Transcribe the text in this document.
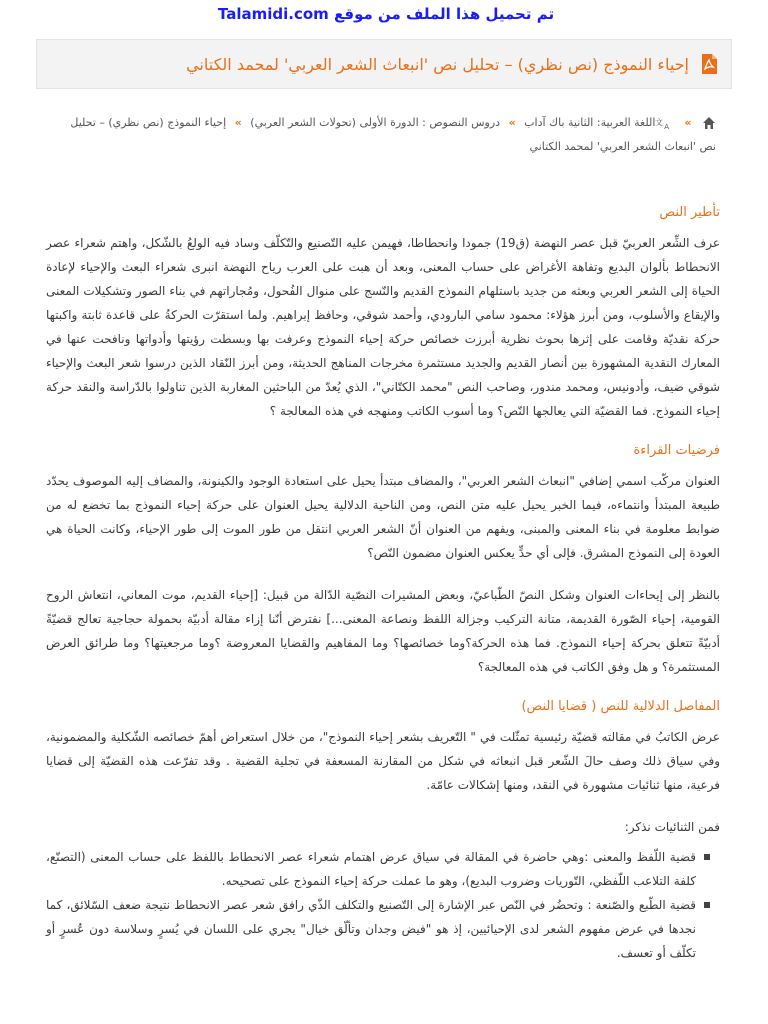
تم تحميل هذا الملف من موقع Talamidi.com
إحياء النموذج (نص نظري) – تحليل نص 'انبعاث الشعر العربي' لمحمد الكتاني
»
文 A
اللغة العربية: الثانية باك آداب » دروس النصوص : الدورة الأولى (تحولات الشعر العربي) » إحياء النموذج (نص نظري) – تحليل نص 'انبعاث الشعر العربي' لمحمد الكتاني
تأطير النص

عرف الشِّعر العربيّ قبل عصر النهضة (ق19) جمودا وانحطاطا، فهيمن عليه التّصنيع والتّكلّف وساد فيه الولعُ بالشّكل، واهتم شعراء عصر الانحطاط بألوان البديع وتفاهة الأغراض على حساب المعنى، وبعد أن هبت على العرب رياح النهضة انبرى شعراء البعث والإحياء لإعادة الحياة إلى الشعر العربي وبعثه من جديد باستلهام النموذج القديم والنّسج على منوال الفُحول، ومُجاراتهم في بناء الصور وتشكيلات المعنى والإيقاع والأسلوب، ومن أبرز هؤلاء: محمود سامي البارودي، وأحمد شوقي، وحافظ إبراهيم. ولما استقرّت الحركةُ على قاعدة ثابتة واكبتها حركة نقديّة وقامت على إثرها بحوث نظرية أبرزت خصائص حركة إحياء النموذج وعرفت بها وبسطت رؤيتها وأدواتها ونافحت عنها في المعارك النقدية المشهورة بين أنصار القديم والجديد مستثمرة مخرجات المناهج الحديثة، ومن أبرز النّقاد الذين درسوا شعر البعث والإحياء شوقي ضيف، وأدونيس، ومحمد مندور، وصاحب النص "محمد الكتّاني"، الذي يُعدّ من الباحثين المغاربة الذين تناولوا بالدّراسة والنقد حركة إحياء النموذج. فما القضيّة التي يعالجها النّص؟ وما أسوب الكاتب ومنهجه في هذه المعالجة ؟

فرضيات القراءة

العنوان مركّب اسمي إضافي "انبعاث الشعر العربي"، والمضاف مبتدأ يحيل على استعادة الوجود والكينونة، والمضاف إليه الموصوف يحدّد طبيعة المبتدأ وانتماءه، فيما الخبر يحيل عليه متن النص، ومن الناحية الدلالية يحيل العنوان على حركة إحياء النموذج بما تخضع له من ضوابط معلومة في بناء المعنى والمبنى، ويفهم من العنوان أنّ الشعر العربي انتقل من طور الموت إلى طور الإحياء، وكانت الحياة هي العودة إلى النموذج المشرق. فإلى أي حدٍّ يعكس العنوان مضمون النّص؟

بالنظر إلى إيحاءات العنوان وشكل النصّ الطّباعيّ، وبعض المشيرات النصّية الدّالة من قبيل: [إحياء القديم، موت المعاني، انتعاش الروح القومية، إحياء الصّورة القديمة، متانة التركيب وجزالة اللفظ ونصاعة المعنى...] نفترض أنّنا إزاء مقالة أدبيّة بحمولة حجاجية تعالج قضيّةً أدبيّةً تتعلق بحركة إحياء النموذج. فما هذه الحركة؟وما خصائصها؟ وما المفاهيم والقضايا المعروضة ؟وما مرجعيتها؟ وما طرائق العرض المستثمرة؟ و هل وفق الكاتب في هذه المعالجة؟

المفاصل الدلالية للنص ( قضايا النص)

عرض الكاتبُ في مقالته قضيّة رئيسية تمثّلت في " التّعريف بشعر إحياء النموذج"، من خلال استعراض أهمّ خصائصه الشّكلية والمضمونية، وفي سياق ذلك وصف حالَ الشّعر قبل انبعاثه في شكل من المقارنة المسعفة في تجلية القضية . وقد تفرّعت هذه القضيّة إلى قضايا فرعية، منها ثنائيات مشهورة في النقد، ومنها إشكالات عامّة.

فمن الثنائيات نذكر:

قضية اللّفظ والمعنى :وهي حاضرة في المقالة في سياق عرض اهتمام شعراء عصر الانحطاط باللفظ على حساب المعنى (التصنّع، كلفة التلاعب اللّفظي، التّوريات وضروب البديع)، وهو ما عملت حركة إحياء النموذج على تصحيحه.
قضية الطّبع والصّنعة : وتحضُر في النّص عبر الإشارة إلى التّصنيع والتكلف الذّي رافق شعر عصر الانحطاط نتيجة ضعف السّلائق، كما نجدها في عرض مفهوم الشعر لدى الإحيائيين، إذ هو "فيض وجدان وتألّق خيال" يجري على اللسان في يُسرٍ وسلاسة دون عُسرٍ أو تكلّف أو تعسف.
